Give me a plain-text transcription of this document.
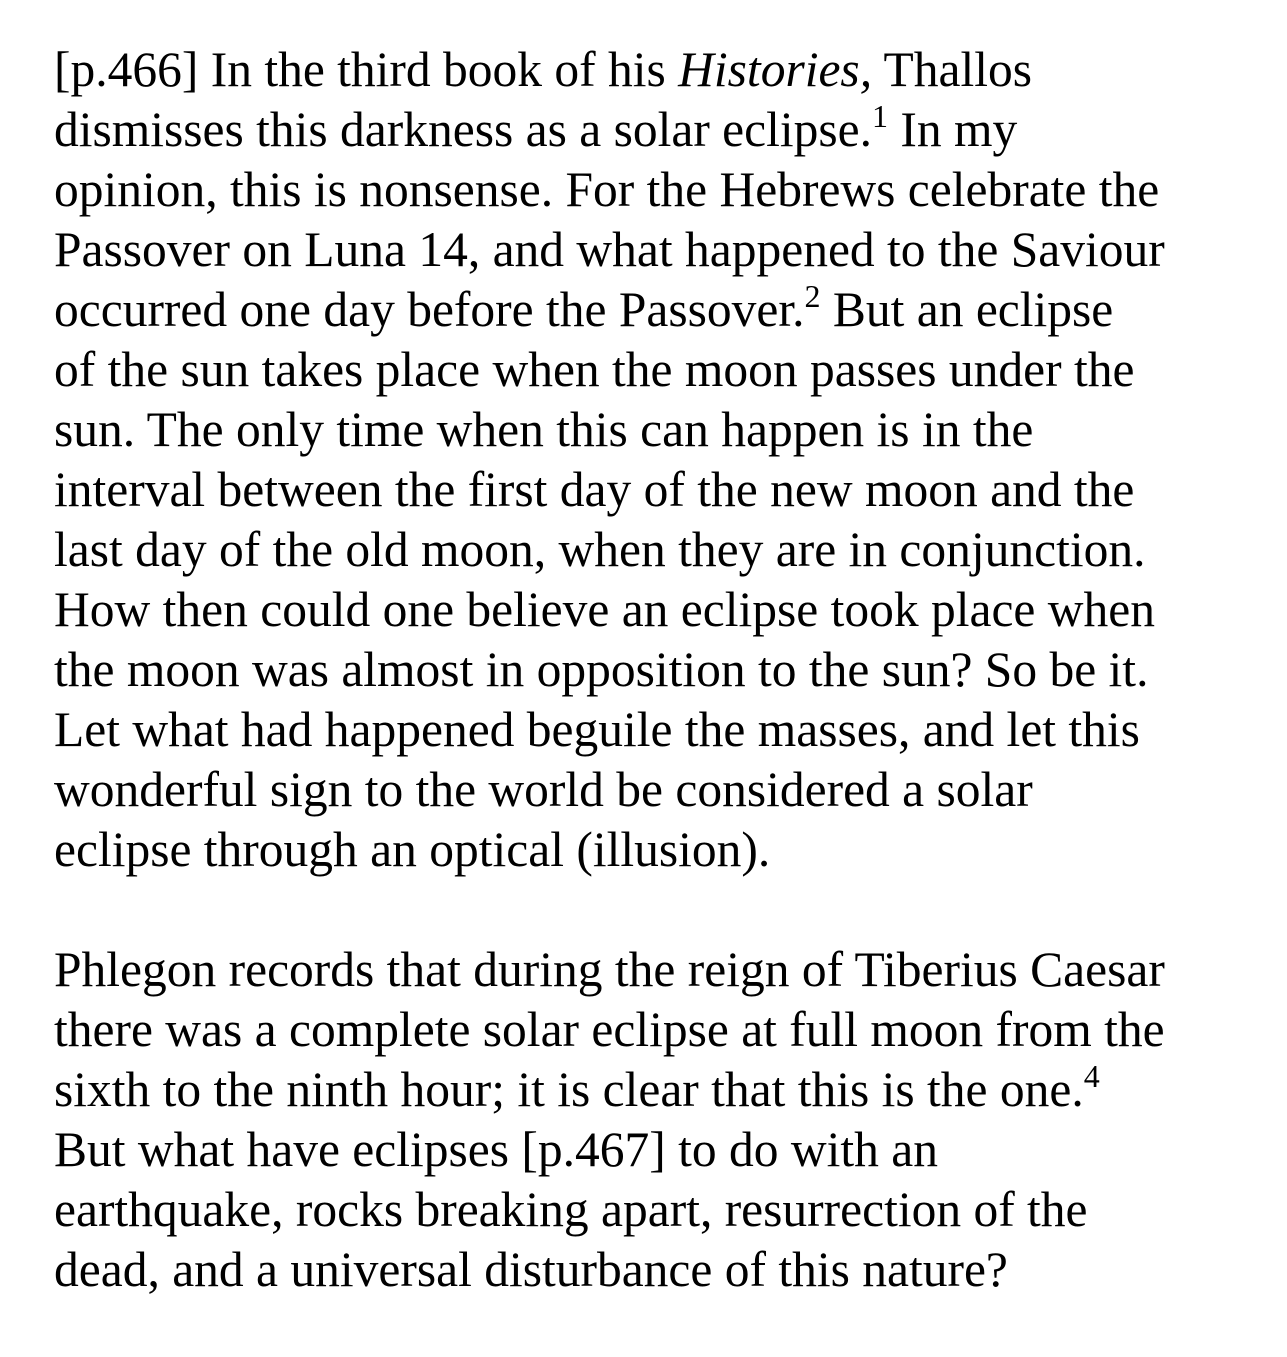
[p.466] In the third book of his Histories, Thallos
dismisses this darkness as a solar eclipse.$^1$ In my
opinion, this is nonsense. For the Hebrews celebrate the
Passover on Luna 14, and what happened to the Saviour
occurred one day before the Passover.$^2$ But an eclipse
of the sun takes place when the moon passes under the
sun. The only time when this can happen is in the
interval between the first day of the new moon and the
last day of the old moon, when they are in conjunction.
How then could one believe an eclipse took place when
the moon was almost in opposition to the sun? So be it.
Let what had happened beguile the masses, and let this
wonderful sign to the world be considered a solar
eclipse through an optical (illusion).

Phlegon records that during the reign of Tiberius Caesar
there was a complete solar eclipse at full moon from the
sixth to the ninth hour; it is clear that this is the one.$^4$
But what have eclipses [p.467] to do with an
earthquake, rocks breaking apart, resurrection of the
dead, and a universal disturbance of this nature?
